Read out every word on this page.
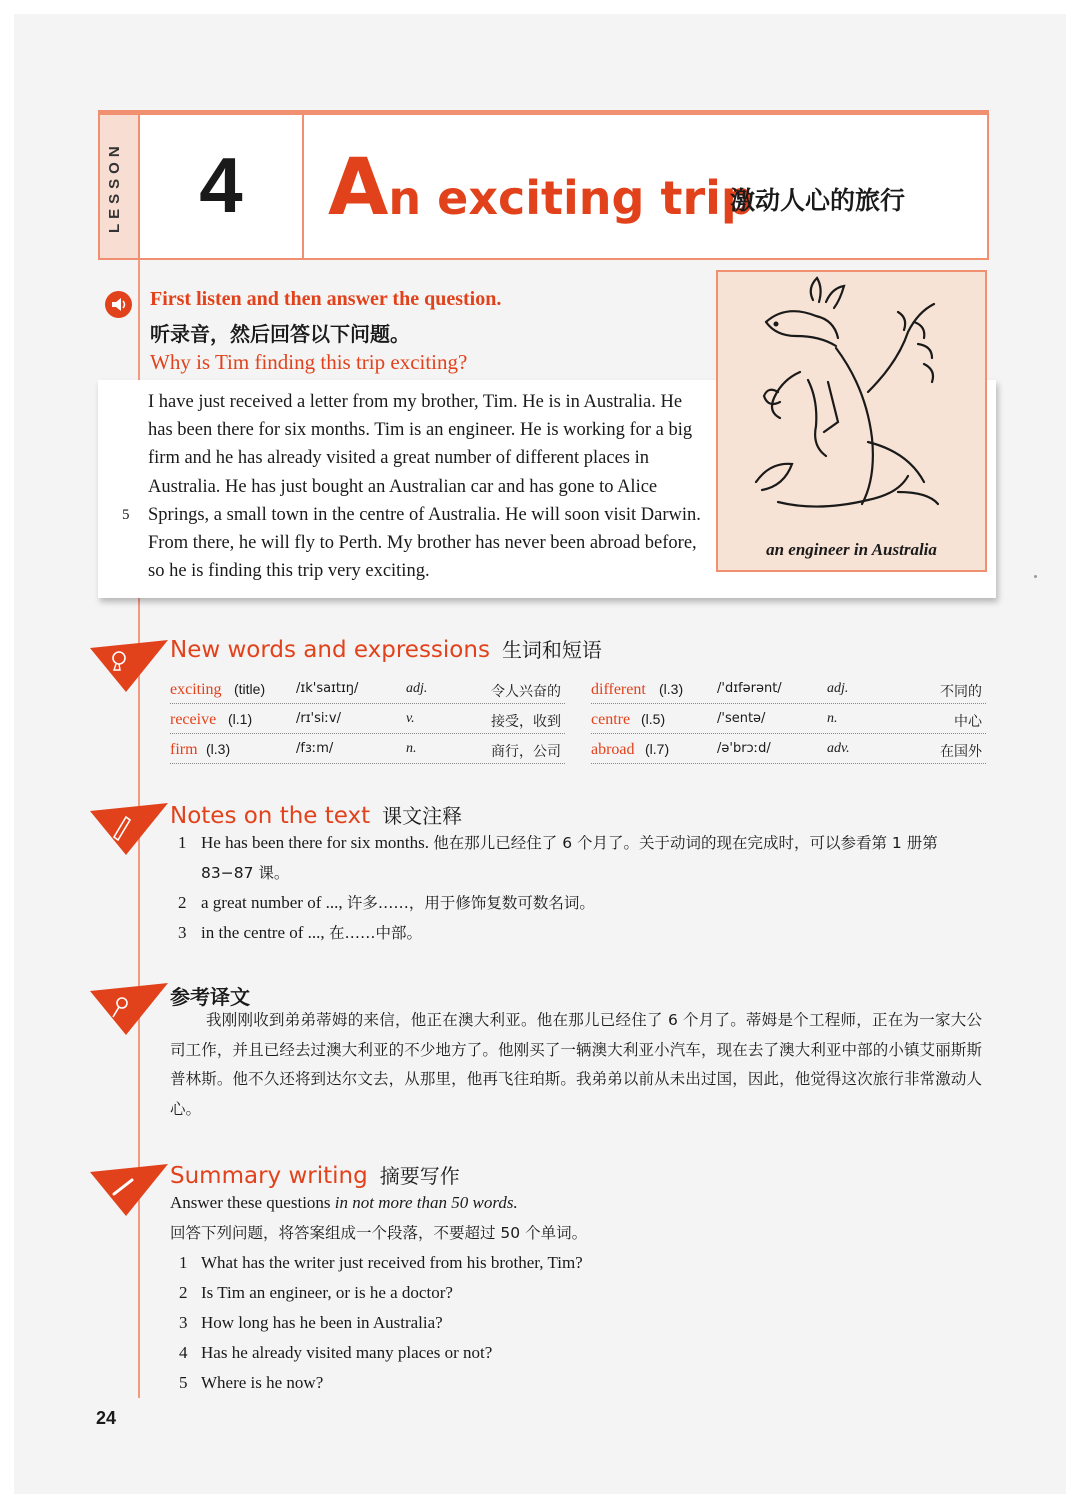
LESSON 4	An exciting trip
激动人心的旅行
First listen and then answer the question.
听录音，然后回答以下问题。
Why is Tim finding this trip exciting?
5

I have just received a letter from my brother, Tim. He is in Australia. He has been there for six months. Tim is an engineer. He is working for a big firm and he has already visited a great number of different places in Australia. He has just bought an Australian car and has gone to Alice Springs, a small town in the centre of Australia. He will soon visit Darwin. From there, he will fly to Perth. My brother has never been abroad before, so he is finding this trip very exciting.

an engineer in Australia
New words and expressions 生词和短语
exciting (title) /ɪk'saɪtɪŋ/	adj.	令人兴奋的
receive (l.1)	/rɪ'siːv/	v.	接受，收到
firm (l.3)	/fɜːm/	n.	商行，公司
different (l.3)	/'dɪfərənt/	adj.	不同的
centre (l.5)	/'sentə/	n.	中心
abroad (l.7)	/ə'brɔːd/	adv.	在国外
Notes on the text 课文注释
1 He has been there for six months. 他在那儿已经住了 6 个月了。关于动词的现在完成时，可以参看第 1 册第 83−87 课。
2 a great number of ..., 许多……，用于修饰复数可数名词。
3 in the centre of ..., 在……中部。
参考译文
我刚刚收到弟弟蒂姆的来信，他正在澳大利亚。他在那儿已经住了 6 个月了。蒂姆是个工程师，正在为一家大公司工作，并且已经去过澳大利亚的不少地方了。他刚买了一辆澳大利亚小汽车，现在去了澳大利亚中部的小镇艾丽斯斯普林斯。他不久还将到达尔文去，从那里，他再飞往珀斯。我弟弟以前从未出过国，因此，他觉得这次旅行非常激动人心。
Summary writing 摘要写作
Answer these questions in not more than 50 words.
回答下列问题，将答案组成一个段落，不要超过 50 个单词。
1 What has the writer just received from his brother, Tim?
2 Is Tim an engineer, or is he a doctor?
3 How long has he been in Australia?
4 Has he already visited many places or not?
5 Where is he now?
24
